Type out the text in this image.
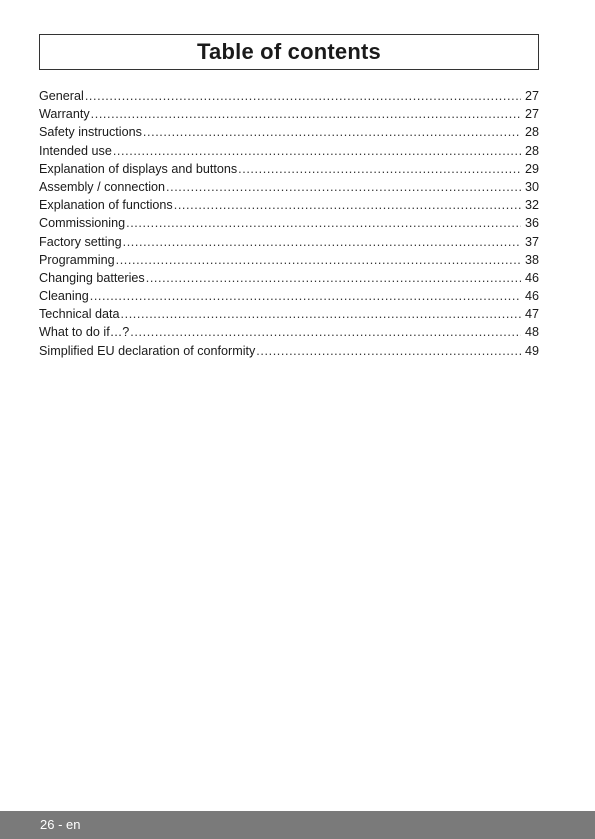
Table of contents
General .....	27
Warranty .....	27
Safety instructions .....	28
Intended use .....	28
Explanation of displays and buttons .....	29
Assembly / connection .....	30
Explanation of functions .....	32
Commissioning .....	36
Factory setting .....	37
Programming .....	38
Changing batteries .....	46
Cleaning .....	46
Technical data .....	47
What to do if…? .....	48
Simplified EU declaration of conformity .....	49
26 - en
